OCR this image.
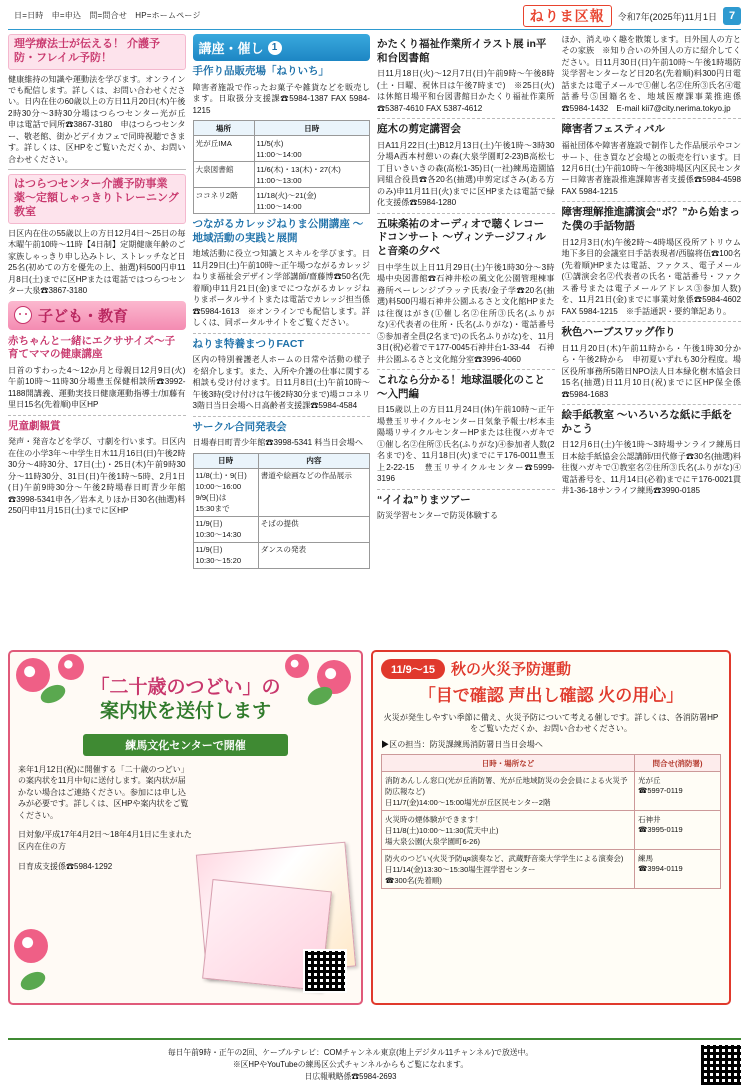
日=日時　申=申込　問=問合せ　HP=ホームページ	ねりま区報	令和7年(2025年)11月1日	7
理学療法士が伝える！ 介護予防・フレイル予防！

健康維持の知識や運動法を学びます。オンラインでも配信します。詳しくは、お問い合わせください。日内在住の60歳以上の方日11月20日(木)午後2時30分～3時30分場はつらつセンター光が丘　申は電話で同所☎3867-3180　申はつらつセンター、敬老館、街かどデイカフェで同時視聴できます。詳しくは、区HPをご覧いただくか、お問い合わせください。

はつらつセンター介護予防事業 薬～定額しゃっきりトレーニング教室

日区内在住の55歳以上の方日12月4日～25日の毎木曜午前10時～11時【4日制】定期健康年齢のご家族しゃっきり申し込みトレ、ストレッチなど日25名(初めての方を優先の上、抽選)料500円申11月8日(土)までに区HPまたは電話ではつらつセンター大泉☎3867-3180

子ども・教育
赤ちゃんと一緒にエクササイズ～子育てママの健康講座

日首のすわった4～12か月と母親日12月9日(火)午前10時～11時30分場豊玉保健相談所☎3992-1188開講義、運動実技日健康運動指導士/加藤有里日15名(先着順)申区HP

児童劇観賞

発声・発音などを学び、寸劇を行います。日区内在住の小学3年～中学生日木11月16日(日)午後2時30分～4時30分、17日(土)・25日(木)午前9時30分～11時30分、31日(日)午後1時～5時、2月1日(日)午前9時30分～午後2時場春日町青少年館☎3998-5341申各／岩本えりほか日30名(抽選)料250円申11月15日(土)までに区HP

講座・催し 1
手作り品販売場「ねりいち」

障害者施設で作ったお菓子や雑貨などを販売します。日取扱分支援課☎5984-1387 FAX 5984-1215

場所	日時
光が丘IMA	11/5(水)
11:00～14:00
大泉図書館	11/6(木)・13(木)・27(木)
11:00～13:00
ココネリ2階	11/18(火)～21(金)
11:00～14:00
つながるカレッジねりま公開講座 ～地域活動の実践と展開

地域活動に役立つ知識とスキルを学びます。日11月29日(土)午前10時～正午場つながるカレッジねりま福祉会デザイン学部講師/齋藤博☎50名(先着順)申11月21日(金)までにつながるカレッジねりまポータルサイトまたは電話でカレッジ担当係☎5984-1613　※オンラインでも配信します。詳しくは、同ポータルサイトをご覧ください。

ねりま特養まつりFACT

区内の特別養護老人ホームの日常や活動の様子を紹介します。また、入所や介護の仕事に関する相談も受け付けます。日11月8日(土)午前10時～午後3時(受け付けは午後2時30分まで)場ココネリ3階日当日会場へ日高齢者支援課☎5984-4584

サークル合同発表会

日場春日町青少年館☎3998-5341 料当日会場へ

日時	内容
11/8(土)・9(日)
10:00～16:00
9/9(日)は
15:30まで	書道や絵画などの作品展示
11/9(日)
10:30～14:30	そばの提供
11/9(日)
10:30～15:20	ダンスの発表
かたくり福祉作業所イラスト展 in平和台図書館

日11月18日(火)～12月7日(日)午前9時～午後8時(土・日曜、祝休日は午後7時まで)　※25日(火)は休館日場平和台図書館日かたくり福祉作業所☎5387-4610 FAX 5387-4612

庭木の剪定講習会

日A11月22日(土)B12月13日(土)午後1時～3時30分場A西本村憩いの森(大泉学園町2-23)B高松七丁目いきいきの森(高松1-35)日(一社)練馬造園協同組合役員☎各20名(抽選)申剪定ばさみ(ある方のみ)申11月11日(火)までに区HPまたは電話で緑化支援係☎5984-1280

五味楽祐のオーディオで聴くレコードコンサート ～ヴィンテージフィルと音楽の夕べ

日中学生以上日11月29日(土)午後1時30分～3時場中央図書館☎石神井松の風文化公園管理棟事務所ペーレンジプラッテ氏表/金子学☎20名(抽選)料500円場石神井公園ふるさと文化館HPまたは往復はがき(①催し名②住所③氏名(ふりがな)④代表者の住所・氏名(ふりがな)・電話番号⑤参加者全員(2名まで)の氏名ふりがな)を、11月3日(祝)必着で〒177-0045石神井台1-33-44　石神井公園ふるさと文化館分室☎3996-4060

これなら分かる！地球温暖化のこと～入門編

日15歳以上の方日11月24日(休)午前10時～正午場豊玉リサイクルセンター日気象予報士/杉本圭陽場リサイクルセンターHPまたは往復ハガキで①催し名②住所③氏名(ふりがな)④参加者人数(2名まで)を、11月18日(火)までに〒176-0011豊玉上2-22-15　豊玉リサイクルセンター☎5999-3196

“イイね”りまツアー

防災学習センターで防災体験する

ほか、消えゆく趣を散策します。日外国人の方とその家族　※知り合いの外国人の方に紹介してください。日11月30日(日)午前10時～午後1時場防災学習センターなど日20名(先着順)料300円日電話または電子メールで①催し名②住所③氏名④電話番号⑤国籍名を、地域医療課事業推進係☎5984-1432　E-mail kii7@city.nerima.tokyo.jp

障害者フェスティバル

福祉団体や障害者施設で制作した作品展示やコンサート、住き買など会場との販売を行います。日12月6日(土)午前10時～午後3時場区内区民センター日障害者施設推進課障害者支援係☎5984-4598 FAX 5984-1215

障害理解推進講演会“ボ？”から始まった僕の手話物語

日12月3日(水)午後2時～4時場区役所アトリウム地下多目的会議室日手話表現者/西脇将伍☎100名(先着順)HPまたは電話、ファクス、電子メール(①講演会名②代表者の氏名・電話番号・ファクス番号または電子メールアドレス③参加人数)を、11月21日(金)までに事業対象係☎5984-4602 FAX 5984-1215　※手話通訳・要約筆記あり。

秋色ハーブスワッグ作り

日11月20日(木)午前11時から・午後1時30分から・午後2時から　申初夏いずれも30分程度。場区役所事務所5階日NPO法人日本緑化樹木協会日15名(抽選)日11月10日(祝)までに区HP保全係☎5984-1683

絵手紙教室 ～いろいろな紙に手紙をかこう

日12月6日(土)午後1時～3時場サンライフ練馬日日本絵手紙協会公認講師/田代修子☎30名(抽選)料往復ハガキで①教室名②住所③氏名(ふりがな)④電話番号を、11月14日(必着)までに〒176-0021貫井1-36-18サンライフ練馬☎3990-0185

「二十歳のつどい」の
案内状を送付します
練馬文化センターで開催

来年1月12日(祝)に開催する「二十歳のつどい」の案内状を11月中旬に送付します。案内状が届かない場合はご連絡ください。参加には申し込みが必要です。詳しくは、区HPや案内状をご覧ください。

日対象/平成17年4月2日～18年4月1日に生まれた区内在住の方

日育成支援係☎5984-1292

11/9～15	秋の火災予防運動
「目で確認 声出し確認 火の用心」

火災が発生しやすい季節に備え、火災予防について考える催しです。詳しくは、各消防署HPをご覧いただくか、お問い合わせください。

▶区の担当：防災課練馬消防署日当日会場へ

日時・場所など	問合せ(消防署)
消防あんしん窓口(光が丘消防署、光が丘地域防災の会会員による火災予防広報など)
日11/7(金)14:00～15:00場光が丘区民センター2階	光が丘
☎5997-0119
火災時の煙体験ができます！
日11/8(土)10:00～11:30(荒天中止)
場大泉公園(大泉学園町6-26)	石神井
☎3995-0119
防火のつどい(火災予防ця演奏など、武蔵野音楽大学学生による演奏会)
日11/14(金)13:30～15:30場生涯学習センター
☎300名(先着順)	練馬
☎3994-0119
毎日午前9時・正午の2回、ケーブルテレビ：COMチャンネル東京(地上デジタル11チャンネル)で放送中。
※区HPやYouTubeの練馬区公式チャンネルからもご覧になれます。
日広報戦略係☎5984-2693
